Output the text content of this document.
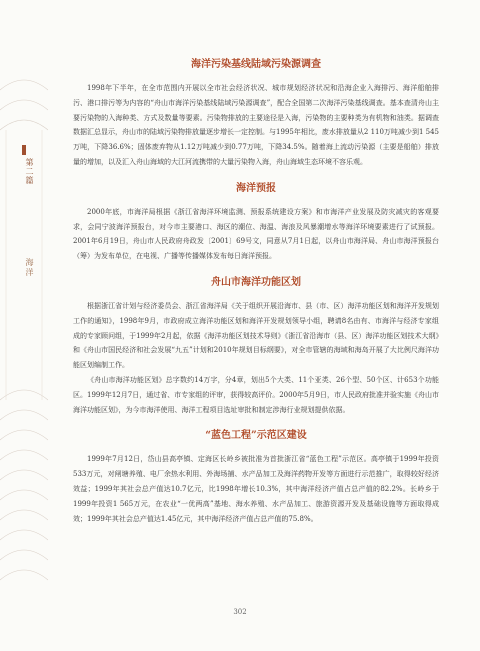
第二篇
海洋
海洋污染基线陆域污染源调查

1998年下半年，在全市范围内开展以全市社会经济状况、城市规划经济状况和沿海企业入海排污、海洋船舶排污、港口排污等为内容的“舟山市海洋污染基线陆域污染源调查”，配合全国第二次海洋污染基线调查。基本查清舟山主要污染物的入海种类、方式及数量等要素。污染物排放的主要途径是入海，污染物的主要种类为有机物和油类。据调查数据汇总显示，舟山市的陆域污染物排放量逐步增长一定控制。与1995年相比，废水排放量从2 110万吨减少到1 545万吨，下降36.6%；固体废弃物从1.12万吨减少到0.77万吨，下降34.5%。随着海上流动污染源（主要是船舶）排放量的增加，以及汇入舟山海域的大江河流携带的大量污染物入海，舟山海域生态环境不容乐观。

海洋预报

2000年底，市海洋局根据《浙江省海洋环境监测、预报系统建设方案》和市海洋产业发展及防灾减灾的客观要求，会同宁波海洋预报台，对今市主要港口、海区的潮位、海温、海浪及风暴潮增水等海洋环境要素进行了试预报。2001年6月19日，舟山市人民政府舟政发〔2001〕69号文，同意从7月1日起，以舟山市海洋局、舟山市海洋预报台（筹）为发布单位，在电视、广播等传播媒体发布每日海洋预报。

舟山市海洋功能区划

根据浙江省计划与经济委员会、浙江省海洋局《关于组织开展沿海市、县（市、区）海洋功能区划和海洋开发规划工作的通知》，1998年9月，市政府成立海洋功能区划和海洋开发规划领导小组，聘请8名由有、市海洋与经济专家组成的专家顾问组，于1999年2月起，依据《海洋功能区划技术导则》《浙江省沿海市（县、区）海洋功能区划技术大纲》和《舟山市国民经济和社会发展“九五”计划和2010年规划目标纲要》，对全市管辖的海域和海岛开展了大比例尺海洋功能区划编制工作。

《舟山市海洋功能区划》总字数约14万字，分4章，划出5个大类、11个亚类、26个型、50个区、计653个功能区。1999年12月7日，通过省、市专家组的评审，获得较高评价。2000年5月9日，市人民政府批准并验实施《舟山市海洋功能区划》，为今市海洋使用、海洋工程项目选址审批和制定涉海行业规划提供依据。

“蓝色工程”示范区建设

1999年7月12日，岱山县高亭镇、定海区长岭乡被批准为首批浙江省“蓝色工程”示范区。高亭镇于1999年投资533万元，对闸塘养殖、电厂余热水利用、外海场捕、水产品加工及海洋药物开发等方面进行示范推广，取得较好经济效益；1999年其社会总产值达10.7亿元，比1998年增长10.3%，其中海洋经济产值占总产值的82.2%。长岭乡于1999年投资1 565万元，在农业“一优两高”基地、海水养殖、水产品加工、旅游资源开发及基础设施等方面取得成效；1999年其社会总产值达1.45亿元，其中海洋经济产值占总产值的75.8%。

302
